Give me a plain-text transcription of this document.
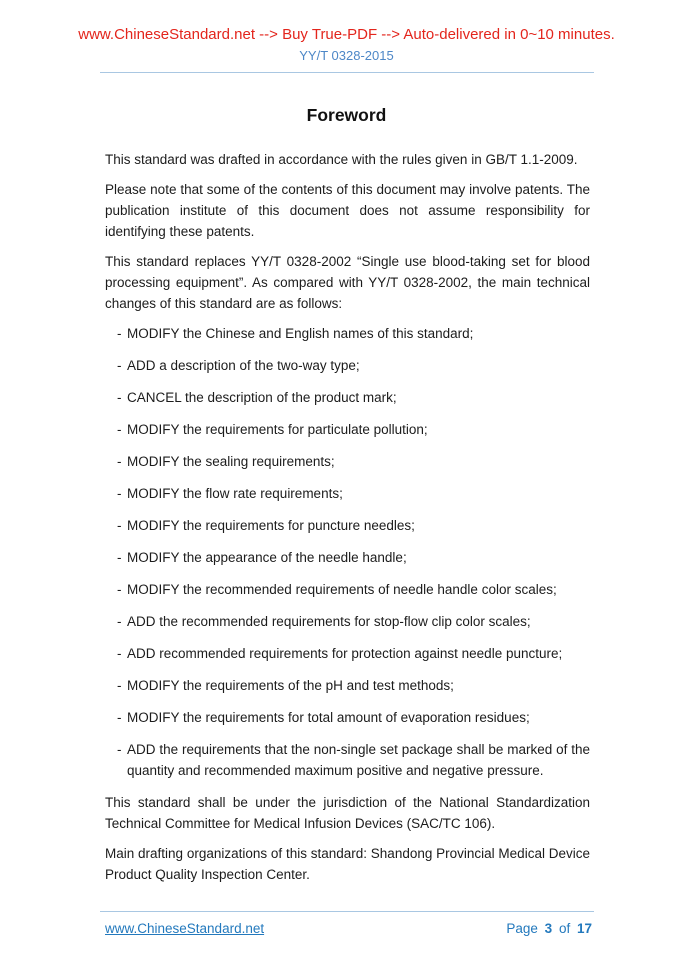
www.ChineseStandard.net --> Buy True-PDF --> Auto-delivered in 0~10 minutes.
YY/T 0328-2015
Foreword

This standard was drafted in accordance with the rules given in GB/T 1.1-2009.

Please note that some of the contents of this document may involve patents. The publication institute of this document does not assume responsibility for identifying these patents.

This standard replaces YY/T 0328-2002 “Single use blood-taking set for blood processing equipment”. As compared with YY/T 0328-2002, the main technical changes of this standard are as follows:

- MODIFY the Chinese and English names of this standard;
- ADD a description of the two-way type;
- CANCEL the description of the product mark;
- MODIFY the requirements for particulate pollution;
- MODIFY the sealing requirements;
- MODIFY the flow rate requirements;
- MODIFY the requirements for puncture needles;
- MODIFY the appearance of the needle handle;
- MODIFY the recommended requirements of needle handle color scales;
- ADD the recommended requirements for stop-flow clip color scales;
- ADD recommended requirements for protection against needle puncture;
- MODIFY the requirements of the pH and test methods;
- MODIFY the requirements for total amount of evaporation residues;
- ADD the requirements that the non-single set package shall be marked of the quantity and recommended maximum positive and negative pressure.

This standard shall be under the jurisdiction of the National Standardization Technical Committee for Medical Infusion Devices (SAC/TC 106).

Main drafting organizations of this standard: Shandong Provincial Medical Device Product Quality Inspection Center.

www.ChineseStandard.net	Page 3 of 17
